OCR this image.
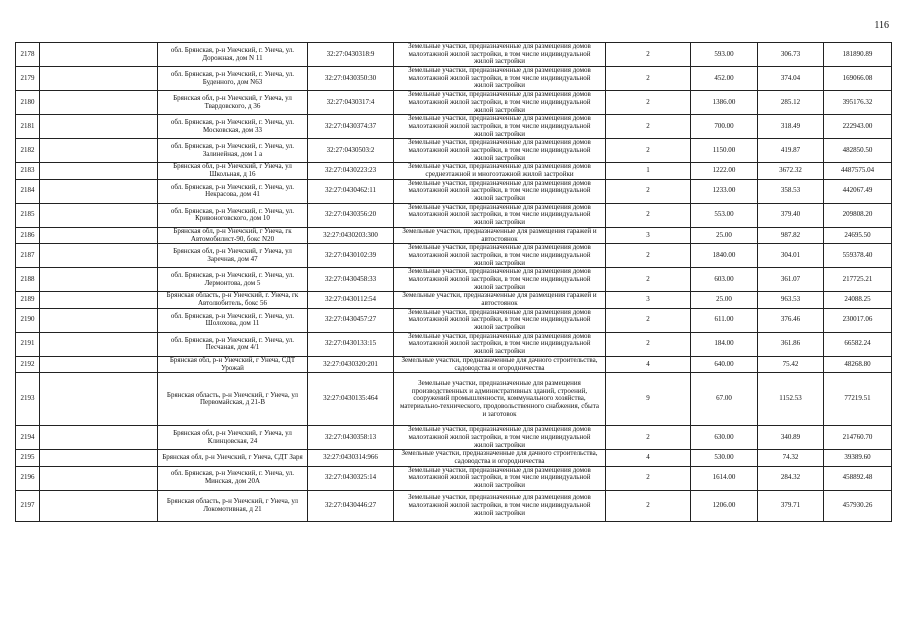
116
2178		обл. Брянская, р-н Унечский, г. Унеча, ул. Дорожная, дом N 11	32:27:0430318:9	Земельные участки, предназначенные для размещения домов малоэтажной жилой застройки, в том числе индивидуальной жилой застройки	2	593.00	306.73	181890.89
2179		обл. Брянская, р-н Унечский, г. Унеча, ул. Буденного, дом N63	32:27:0430350:30	Земельные участки, предназначенные для размещения домов малоэтажной жилой застройки, в том числе индивидуальной жилой застройки	2	452.00	374.04	169066.08
2180		Брянская обл, р-н Унечский, г Унеча, ул Твардовского, д 36	32:27:0430317:4	Земельные участки, предназначенные для размещения домов малоэтажной жилой застройки, в том числе индивидуальной жилой застройки	2	1386.00	285.12	395176.32
2181		обл. Брянская, р-н Унечский, г. Унеча, ул. Московская, дом 33	32:27:0430374:37	Земельные участки, предназначенные для размещения домов малоэтажной жилой застройки, в том числе индивидуальной жилой застройки	2	700.00	318.49	222943.00
2182		обл. Брянская, р-н Унечский, г. Унеча, ул. Залинейная, дом 1 а	32:27:0430503:2	Земельные участки, предназначенные для размещения домов малоэтажной жилой застройки, в том числе индивидуальной жилой застройки	2	1150.00	419.87	482850.50
2183		Брянская обл, р-н Унечский, г Унеча, ул Школьная, д 16	32:27:0430223:23	Земельные участки, предназначенные для размещения домов среднеэтажной и многоэтажной жилой застройки	1	1222.00	3672.32	4487575.04
2184		обл. Брянская, р-н Унечский, г. Унеча, ул. Некрасова, дом 41	32:27:0430462:11	Земельные участки, предназначенные для размещения домов малоэтажной жилой застройки, в том числе индивидуальной жилой застройки	2	1233.00	358.53	442067.49
2185		обл. Брянская, р-н Унечский, г. Унеча, ул. Кривоноговского, дом 10	32:27:0430356:20	Земельные участки, предназначенные для размещения домов малоэтажной жилой застройки, в том числе индивидуальной жилой застройки	2	553.00	379.40	209808.20
2186		Брянская обл, р-н Унечский, г Унеча, гк Автомобилист-90, бокс N20	32:27:0430203:300	Земельные участки, предназначенные для размещения гаражей и автостоянок	3	25.00	987.82	24695.50
2187		Брянская обл, р-н Унечский, г Унеча, ул Заречная, дом 47	32:27:0430102:39	Земельные участки, предназначенные для размещения домов малоэтажной жилой застройки, в том числе индивидуальной жилой застройки	2	1840.00	304.01	559378.40
2188		обл. Брянская, р-н Унечский, г. Унеча, ул. Лермонтова, дом 5	32:27:0430458:33	Земельные участки, предназначенные для размещения домов малоэтажной жилой застройки, в том числе индивидуальной жилой застройки	2	603.00	361.07	217725.21
2189		Брянская область, р-н Унечский, г. Унеча, гк Автолюбитель, бокс 56	32:27:0430112:54	Земельные участки, предназначенные для размещения гаражей и автостоянок	3	25.00	963.53	24088.25
2190		обл. Брянская, р-н Унечский, г. Унеча, ул. Шолохова, дом 11	32:27:0430457:27	Земельные участки, предназначенные для размещения домов малоэтажной жилой застройки, в том числе индивидуальной жилой застройки	2	611.00	376.46	230017.06
2191		обл. Брянская, р-н Унечский, г. Унеча, ул. Песчаная, дом 4/1	32:27:0430133:15	Земельные участки, предназначенные для размещения домов малоэтажной жилой застройки, в том числе индивидуальной жилой застройки	2	184.00	361.86	66582.24
2192		Брянская обл, р-н Унечский, г Унеча, СДТ Урожай	32:27:0430320:201	Земельные участки, предназначенные для дачного строительства, садоводства и огородничества	4	640.00	75.42	48268.80
2193		Брянская область, р-н Унечский, г Унеча, ул Первомайская, д 21-В	32:27:0430135:464	Земельные участки, предназначенные для размещения производственных и административных зданий, строений, сооружений промышленности, коммунального хозяйства, материально-технического, продовольственного снабжения, сбыта и заготовок	9	67.00	1152.53	77219.51
2194		Брянская обл, р-н Унечский, г Унеча, ул Клинцовская, 24	32:27:0430358:13	Земельные участки, предназначенные для размещения домов малоэтажной жилой застройки, в том числе индивидуальной жилой застройки	2	630.00	340.89	214760.70
2195		Брянская обл, р-н Унечский, г Унеча, СДТ Заря	32:27:0430314:966	Земельные участки, предназначенные для дачного строительства, садоводства и огородничества	4	530.00	74.32	39389.60
2196		обл. Брянская, р-н Унечский, г. Унеча, ул. Минская, дом 20А	32:27:0430325:14	Земельные участки, предназначенные для размещения домов малоэтажной жилой застройки, в том числе индивидуальной жилой застройки	2	1614.00	284.32	458892.48
2197		Брянская область, р-н Унечский, г Унеча, ул Локомотивная, д 21	32:27:0430446:27	Земельные участки, предназначенные для размещения домов малоэтажной жилой застройки, в том числе индивидуальной жилой застройки	2	1206.00	379.71	457930.26
